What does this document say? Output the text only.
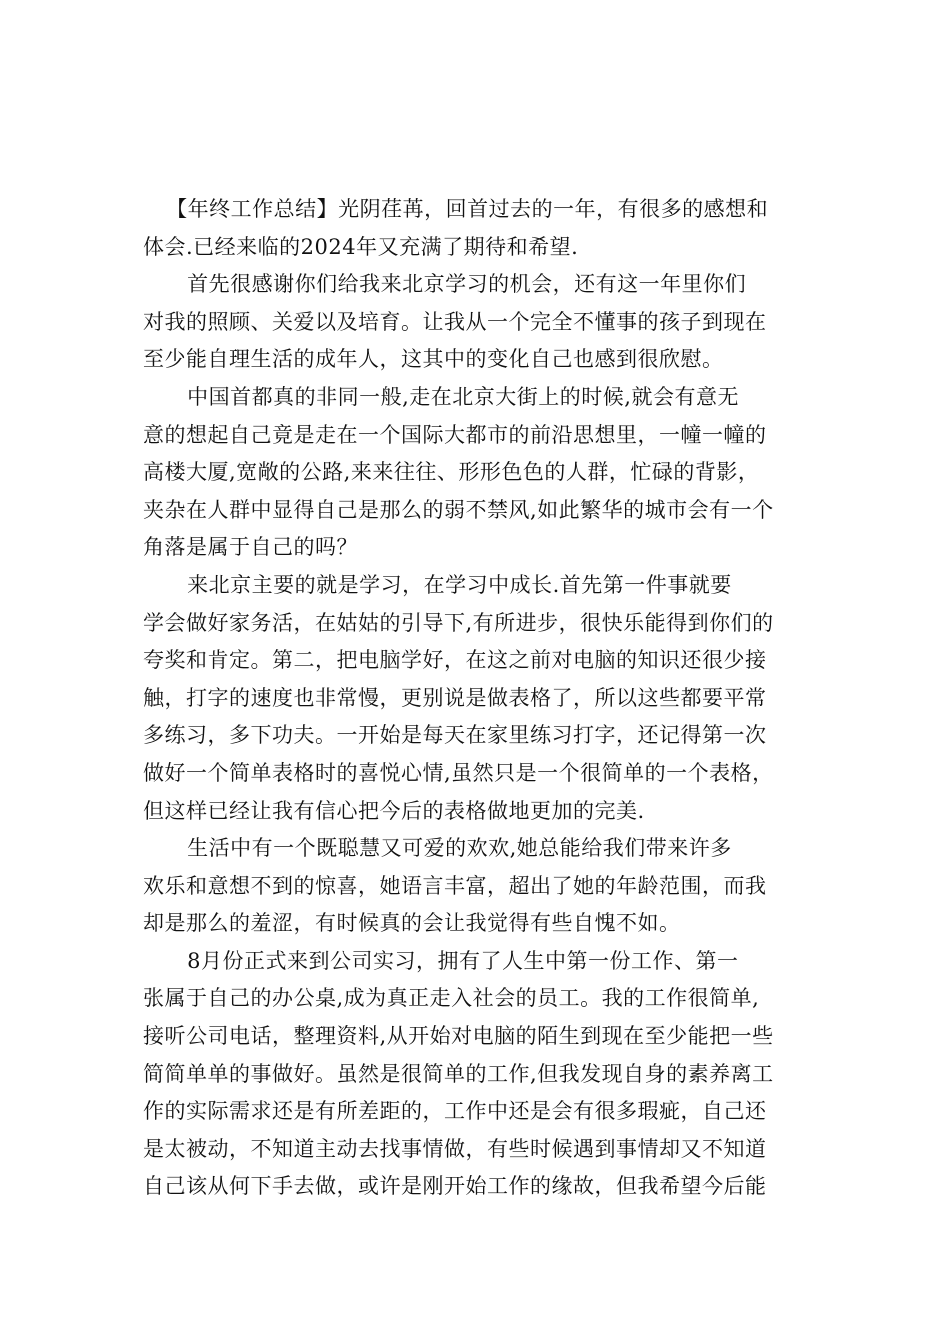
【年终工作总结】光阴荏苒，回首过去的一年，有很多的感想和
体会.已经来临的2024年又充满了期待和希望.

首先很感谢你们给我来北京学习的机会，还有这一年里你们
对我的照顾、关爱以及培育。让我从一个完全不懂事的孩子到现在
至少能自理生活的成年人，这其中的变化自己也感到很欣慰。

中国首都真的非同一般,走在北京大街上的时候,就会有意无
意的想起自己竟是走在一个国际大都市的前沿思想里，一幢一幢的
高楼大厦,宽敞的公路,来来往往、形形色色的人群，忙碌的背影，
夹杂在人群中显得自己是那么的弱不禁风,如此繁华的城市会有一个
角落是属于自己的吗？

来北京主要的就是学习，在学习中成长.首先第一件事就要
学会做好家务活，在姑姑的引导下,有所进步，很快乐能得到你们的
夸奖和肯定。第二，把电脑学好，在这之前对电脑的知识还很少接
触，打字的速度也非常慢，更别说是做表格了，所以这些都要平常
多练习，多下功夫。一开始是每天在家里练习打字，还记得第一次
做好一个简单表格时的喜悦心情,虽然只是一个很简单的一个表格，
但这样已经让我有信心把今后的表格做地更加的完美.

生活中有一个既聪慧又可爱的欢欢,她总能给我们带来许多
欢乐和意想不到的惊喜，她语言丰富，超出了她的年龄范围，而我
却是那么的羞涩，有时候真的会让我觉得有些自愧不如。

8月份正式来到公司实习，拥有了人生中第一份工作、第一
张属于自己的办公桌,成为真正走入社会的员工。我的工作很简单,
接听公司电话，整理资料,从开始对电脑的陌生到现在至少能把一些
简简单单的事做好。虽然是很简单的工作,但我发现自身的素养离工
作的实际需求还是有所差距的，工作中还是会有很多瑕疵，自己还
是太被动，不知道主动去找事情做，有些时候遇到事情却又不知道
自己该从何下手去做，或许是刚开始工作的缘故，但我希望今后能
